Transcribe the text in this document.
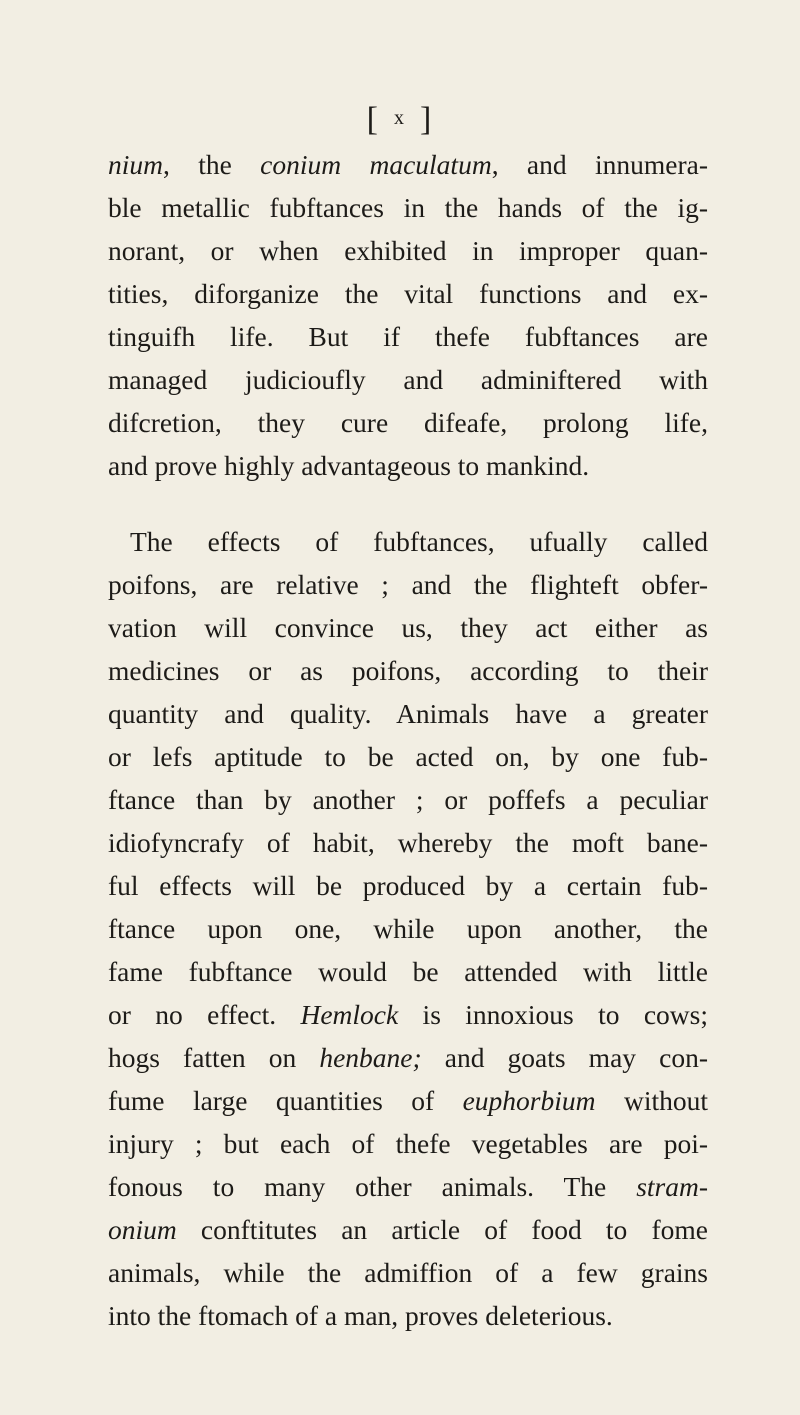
[ x ]
nium, the conium maculatum, and innumera-
ble metallic fubftances in the hands of the ig-
norant, or when exhibited in improper quan-
tities, diforganize the vital functions and ex-
tinguifh life. But if thefe fubftances are
managed judicioufly and adminiftered with
difcretion, they cure difeafe, prolong life,
and prove highly advantageous to mankind.
The effects of fubftances, ufually called
poifons, are relative ; and the flighteft obfer-
vation will convince us, they act either as
medicines or as poifons, according to their
quantity and quality. Animals have a greater
or lefs aptitude to be acted on, by one fub-
ftance than by another ; or poffefs a peculiar
idiofyncrafy of habit, whereby the moft bane-
ful effects will be produced by a certain fub-
ftance upon one, while upon another, the
fame fubftance would be attended with little
or no effect. Hemlock is innoxious to cows;
hogs fatten on henbane; and goats may con-
fume large quantities of euphorbium without
injury ; but each of thefe vegetables are poi-
fonous to many other animals. The stram-
onium conftitutes an article of food to fome
animals, while the admiffion of a few grains
into the ftomach of a man, proves deleterious.
